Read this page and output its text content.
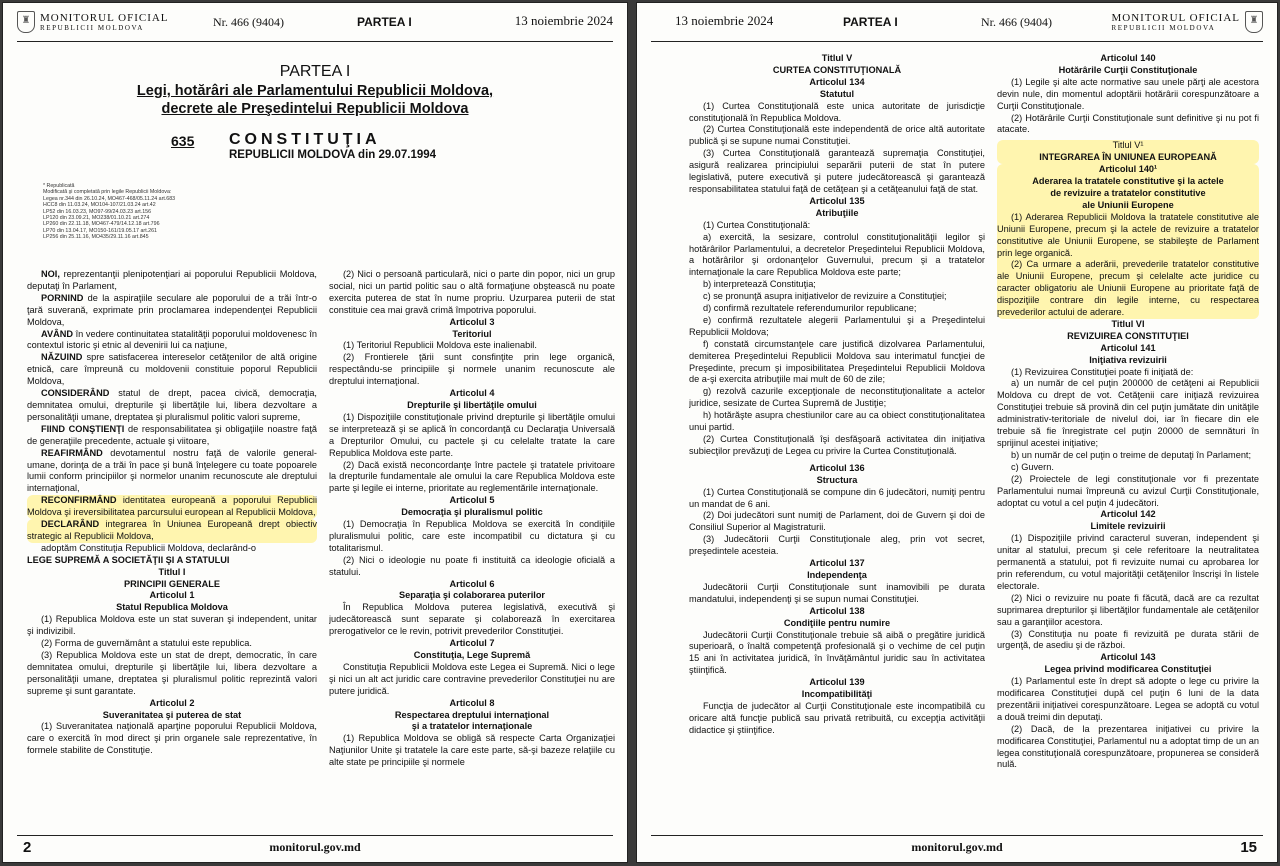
♜ MONITORUL OFICIAL
REPUBLICII MOLDOVA	Nr. 466 (9404)	PARTEA I	13 noiembrie 2024
PARTEA I
Legi, hotărâri ale Parlamentului Republicii Moldova,
decrete ale Preşedintelui Republicii Moldova
635 CONSTITUŢIA
REPUBLICII MOLDOVA din 29.07.1994
* Republicată
Modificată şi completată prin legile Republicii Moldova:
Legea nr.344 din 26.10.24, MO467-468/05.11.24 art.683
HCC8 din 11.03.24, MO104-107/21.03.24 art.42
LP52 din 16.03.23, MO97-99/24.03.23 art.156
LP120 din 23.09.21, MO238/01.10.21 art.274
LP260 din 22.11.18, MO467-479/14.12.18 art.796
LP70 din 13.04.17, MO150-161/19.05.17 art.261
LP256 din 25.11.16, MO435/29.11.16 art.845

NOI, reprezentanţii plenipotenţiari ai poporului Republicii Moldova, deputaţi în Parlament,

PORNIND de la aspiraţiile seculare ale poporului de a trăi într-o ţară suverană, exprimate prin proclamarea independenţei Republicii Moldova,

AVÂND în vedere continuitatea statalităţii poporului moldovenesc în contextul istoric şi etnic al devenirii lui ca naţiune,

NĂZUIND spre satisfacerea intereselor cetăţenilor de altă origine etnică, care împreună cu moldovenii constituie poporul Republicii Moldova,

CONSIDERÂND statul de drept, pacea civică, democraţia, demnitatea omului, drepturile şi libertăţile lui, libera dezvoltare a personalităţii umane, dreptatea şi pluralismul politic valori supreme,

FIIND CONŞTIENŢI de responsabilitatea şi obligaţiile noastre faţă de generaţiile precedente, actuale şi viitoare,

REAFIRMÂND devotamentul nostru faţă de valorile general-umane, dorinţa de a trăi în pace şi bună înţelegere cu toate popoarele lumii conform principiilor şi normelor unanim recunoscute ale dreptului internaţional,

RECONFIRMÂND identitatea europeană a poporului Republicii Moldova şi ireversibilitatea parcursului european al Republicii Moldova,

DECLARÂND integrarea în Uniunea Europeană drept obiectiv strategic al Republicii Moldova,

adoptăm Constituţia Republicii Moldova, declarând-o

LEGE SUPREMĂ A SOCIETĂŢII ŞI A STATULUI

Titlul I

PRINCIPII GENERALE

Articolul 1

Statul Republica Moldova

(1) Republica Moldova este un stat suveran şi independent, unitar şi indivizibil.

(2) Forma de guvernământ a statului este republica.

(3) Republica Moldova este un stat de drept, democratic, în care demnitatea omului, drepturile şi libertăţile lui, libera dezvoltare a personalităţii umane, dreptatea şi pluralismul politic reprezintă valori supreme şi sunt garantate.

Articolul 2

Suveranitatea şi puterea de stat

(1) Suveranitatea naţională aparţine poporului Republicii Moldova, care o exercită în mod direct şi prin organele sale reprezentative, în formele stabilite de Constituţie.

(2) Nici o persoană particulară, nici o parte din popor, nici un grup social, nici un partid politic sau o altă formaţiune obştească nu poate exercita puterea de stat în nume propriu. Uzurparea puterii de stat constituie cea mai gravă crimă împotriva poporului.

Articolul 3

Teritoriul

(1) Teritoriul Republicii Moldova este inalienabil.

(2) Frontierele ţării sunt consfinţite prin lege organică, respectându-se principiile şi normele unanim recunoscute ale dreptului internaţional.

Articolul 4

Drepturile şi libertăţile omului

(1) Dispoziţiile constituţionale privind drepturile şi libertăţile omului se interpretează şi se aplică în concordanţă cu Declaraţia Universală a Drepturilor Omului, cu pactele şi cu celelalte tratate la care Republica Moldova este parte.

(2) Dacă există neconcordanţe între pactele şi tratatele privitoare la drepturile fundamentale ale omului la care Republica Moldova este parte şi legile ei interne, prioritate au reglementările internaţionale.

Articolul 5

Democraţia şi pluralismul politic

(1) Democraţia în Republica Moldova se exercită în condiţiile pluralismului politic, care este incompatibil cu dictatura şi cu totalitarismul.

(2) Nici o ideologie nu poate fi instituită ca ideologie oficială a statului.

Articolul 6

Separaţia şi colaborarea puterilor

În Republica Moldova puterea legislativă, executivă şi judecătorească sunt separate şi colaborează în exercitarea prerogativelor ce le revin, potrivit prevederilor Constituţiei.

Articolul 7

Constituţia, Lege Supremă

Constituţia Republicii Moldova este Legea ei Supremă. Nici o lege şi nici un alt act juridic care contravine prevederilor Constituţiei nu are putere juridică.

Articolul 8

Respectarea dreptului internaţional

şi a tratatelor internaţionale

(1) Republica Moldova se obligă să respecte Carta Organizaţiei Naţiunilor Unite şi tratatele la care este parte, să-şi bazeze relaţiile cu alte state pe principiile şi normele

monitorul.gov.md
2
13 noiembrie 2024	PARTEA I	Nr. 466 (9404)	MONITORUL OFICIAL
REPUBLICII MOLDOVA
♜

Titlul V

CURTEA CONSTITUŢIONALĂ

Articolul 134

Statutul

(1) Curtea Constituţională este unica autoritate de jurisdicţie constituţională în Republica Moldova.

(2) Curtea Constituţională este independentă de orice altă autoritate publică şi se supune numai Constituţiei.

(3) Curtea Constituţională garantează supremaţia Constituţiei, asigură realizarea principiului separării puterii de stat în putere legislativă, putere executivă şi putere judecătorească şi garantează responsabilitatea statului faţă de cetăţean şi a cetăţeanului faţă de stat.

Articolul 135

Atribuţiile

(1) Curtea Constituţională:

a) exercită, la sesizare, controlul constituţionalităţii legilor şi hotărârilor Parlamentului, a decretelor Preşedintelui Republicii Moldova, a hotărârilor şi ordonanţelor Guvernului, precum şi a tratatelor internaţionale la care Republica Moldova este parte;

b) interpretează Constituţia;

c) se pronunţă asupra iniţiativelor de revizuire a Constituţiei;

d) confirmă rezultatele referendumurilor republicane;

e) confirmă rezultatele alegerii Parlamentului şi a Preşedintelui Republicii Moldova;

f) constată circumstanţele care justifică dizolvarea Parlamentului, demiterea Preşedintelui Republicii Moldova sau interimatul funcţiei de Preşedinte, precum şi imposibilitatea Preşedintelui Republicii Moldova de a-şi exercita atribuţiile mai mult de 60 de zile;

g) rezolvă cazurile excepţionale de neconstituţionalitate a actelor juridice, sesizate de Curtea Supremă de Justiţie;

h) hotărăşte asupra chestiunilor care au ca obiect constituţionalitatea unui partid.

(2) Curtea Constituţională îşi desfăşoară activitatea din iniţiativa subiecţilor prevăzuţi de Legea cu privire la Curtea Constituţională.

Articolul 136

Structura

(1) Curtea Constituţională se compune din 6 judecători, numiţi pentru un mandat de 6 ani.

(2) Doi judecători sunt numiţi de Parlament, doi de Guvern şi doi de Consiliul Superior al Magistraturii.

(3) Judecătorii Curţii Constituţionale aleg, prin vot secret, preşedintele acesteia.

Articolul 137

Independenţa

Judecătorii Curţii Constituţionale sunt inamovibili pe durata mandatului, independenţi şi se supun numai Constituţiei.

Articolul 138

Condiţiile pentru numire

Judecătorii Curţii Constituţionale trebuie să aibă o pregătire juridică superioară, o înaltă competenţă profesională şi o vechime de cel puţin 15 ani în activitatea juridică, în învăţământul juridic sau în activitatea ştiinţifică.

Articolul 139

Incompatibilităţi

Funcţia de judecător al Curţii Constituţionale este incompatibilă cu oricare altă funcţie publică sau privată retribuită, cu excepţia activităţii didactice şi ştiinţifice.

Articolul 140

Hotărârile Curţii Constituţionale

(1) Legile şi alte acte normative sau unele părţi ale acestora devin nule, din momentul adoptării hotărârii corespunzătoare a Curţii Constituţionale.

(2) Hotărârile Curţii Constituţionale sunt definitive şi nu pot fi atacate.

Titlul V¹

INTEGRAREA ÎN UNIUNEA EUROPEANĂ

Articolul 140¹

Aderarea la tratatele constitutive şi la actele

de revizuire a tratatelor constitutive

ale Uniunii Europene

(1) Aderarea Republicii Moldova la tratatele constitutive ale Uniunii Europene, precum şi la actele de revizuire a tratatelor constitutive ale Uniunii Europene, se stabileşte de Parlament prin lege organică.

(2) Ca urmare a aderării, prevederile tratatelor constitutive ale Uniunii Europene, precum şi celelalte acte juridice cu caracter obligatoriu ale Uniunii Europene au prioritate faţă de dispoziţiile contrare din legile interne, cu respectarea prevederilor actului de aderare.

Titlul VI

REVIZUIREA CONSTITUŢIEI

Articolul 141

Iniţiativa revizuirii

(1) Revizuirea Constituţiei poate fi iniţiată de:

a) un număr de cel puţin 200000 de cetăţeni ai Republicii Moldova cu drept de vot. Cetăţenii care iniţiază revizuirea Constituţiei trebuie să provină din cel puţin jumătate din unităţile administrativ-teritoriale de nivelul doi, iar în fiecare din ele trebuie să fie înregistrate cel puţin 20000 de semnături în sprijinul acestei iniţiative;

b) un număr de cel puţin o treime de deputaţi în Parlament;

c) Guvern.

(2) Proiectele de legi constituţionale vor fi prezentate Parlamentului numai împreună cu avizul Curţii Constituţionale, adoptat cu votul a cel puţin 4 judecători.

Articolul 142

Limitele revizuirii

(1) Dispoziţiile privind caracterul suveran, independent şi unitar al statului, precum şi cele referitoare la neutralitatea permanentă a statului, pot fi revizuite numai cu aprobarea lor prin referendum, cu votul majorităţii cetăţenilor înscrişi în listele electorale.

(2) Nici o revizuire nu poate fi făcută, dacă are ca rezultat suprimarea drepturilor şi libertăţilor fundamentale ale cetăţenilor sau a garanţiilor acestora.

(3) Constituţia nu poate fi revizuită pe durata stării de urgenţă, de asediu şi de război.

Articolul 143

Legea privind modificarea Constituţiei

(1) Parlamentul este în drept să adopte o lege cu privire la modificarea Constituţiei după cel puţin 6 luni de la data prezentării iniţiativei corespunzătoare. Legea se adoptă cu votul a două treimi din deputaţi.

(2) Dacă, de la prezentarea iniţiativei cu privire la modificarea Constituţiei, Parlamentul nu a adoptat timp de un an legea constituţională corespunzătoare, propunerea se consideră nulă.

monitorul.gov.md	15
